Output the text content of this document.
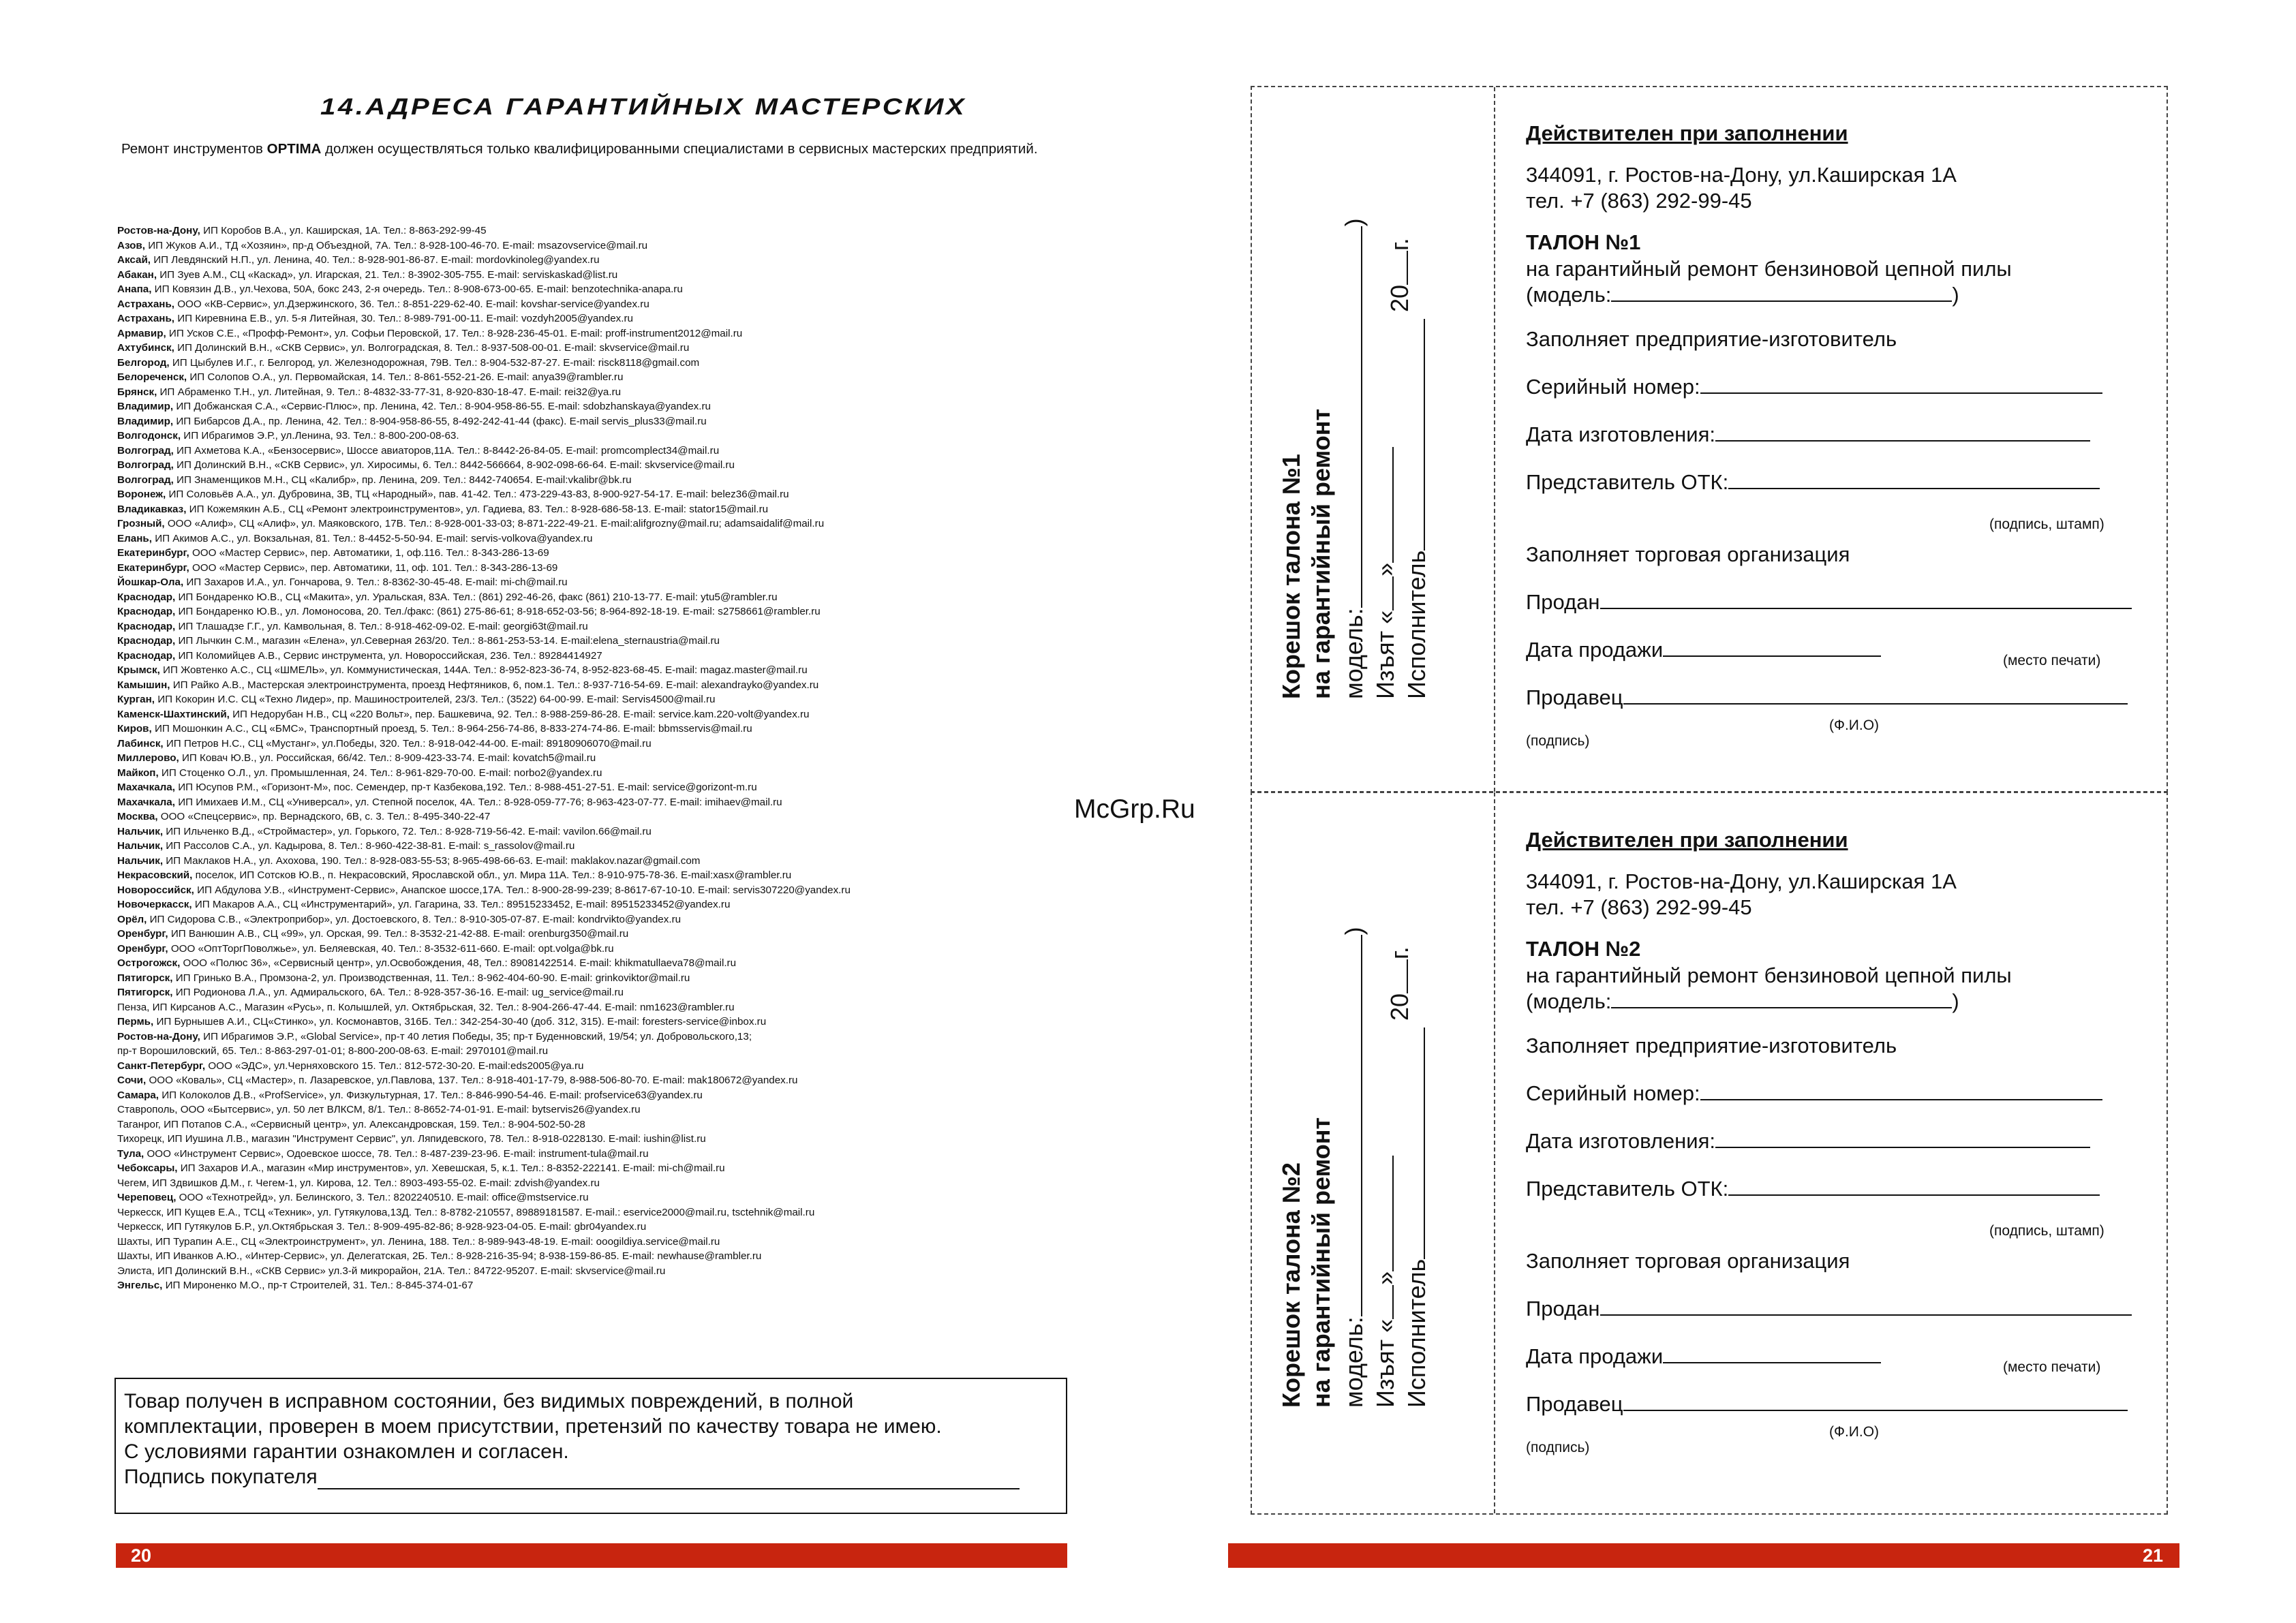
14.АДРЕСА ГАРАНТИЙНЫХ МАСТЕРСКИХ
Ремонт инструментов OPTIMA должен осуществляться только квалифицированными специалистами в сервисных мастерских предприятий.
Ростов-на-Дону, ИП Коробов В.А., ул. Каширская, 1А. Тел.: 8-863-292-99-45
Азов, ИП Жуков А.И., ТД «Хозяин», пр-д Объездной, 7А. Тел.: 8-928-100-46-70. E-mail: msazovservice@mail.ru
Аксай, ИП Левдянский Н.П., ул. Ленина, 40. Тел.: 8-928-901-86-87. E-mail: mordovkinoleg@yandex.ru
Абакан, ИП Зуев А.М., СЦ «Каскад», ул. Игарская, 21. Тел.: 8-3902-305-755. E-mail: serviskaskad@list.ru
Анапа, ИП Ковязин Д.В., ул.Чехова, 50А, бокс 243, 2-я очередь. Тел.: 8-908-673-00-65. E-mail: benzotechnika-anapa.ru
Астрахань, ООО «КВ-Сервис», ул.Дзержинского, 36. Тел.: 8-851-229-62-40. E-mail: kovshar-service@yandex.ru
Астрахань, ИП Киревнина Е.В., ул. 5-я Литейная, 30. Тел.: 8-989-791-00-11. E-mail: vozdyh2005@yandex.ru
Армавир, ИП Усков С.Е., «Профф-Ремонт», ул. Софьи Перовской, 17. Тел.: 8-928-236-45-01. E-mail: proff-instrument2012@mail.ru
Ахтубинск, ИП Долинский В.Н., «СКВ Сервис», ул. Волгоградская, 8. Тел.: 8-937-508-00-01. E-mail: skvservice@mail.ru
Белгород, ИП Цыбулев И.Г., г. Белгород, ул. Железнодорожная, 79В. Тел.: 8-904-532-87-27. E-mail: risck8118@gmail.com
Белореченск, ИП Солопов О.А., ул. Первомайская, 14. Тел.: 8-861-552-21-26. E-mail: anya39@rambler.ru
Брянск, ИП Абраменко Т.Н., ул. Литейная, 9. Тел.: 8-4832-33-77-31, 8-920-830-18-47. E-mail: rei32@ya.ru
Владимир, ИП Добжанская С.А., «Сервис-Плюс», пр. Ленина, 42. Тел.: 8-904-958-86-55. E-mail: sdobzhanskaya@yandex.ru
Владимир, ИП Бибарсов Д.А., пр. Ленина, 42. Тел.: 8-904-958-86-55, 8-492-242-41-44 (факс). E-mail servis_plus33@mail.ru
Волгодонск, ИП Ибрагимов Э.Р., ул.Ленина, 93. Тел.: 8-800-200-08-63.
Волгоград, ИП Ахметова К.А., «Бензосервис», Шоссе авиаторов,11А. Тел.: 8-8442-26-84-05. E-mail: promcomplect34@mail.ru
Волгоград, ИП Долинский В.Н., «СКВ Сервис», ул. Хиросимы, 6. Тел.: 8442-566664, 8-902-098-66-64. E-mail: skvservice@mail.ru
Волгоград, ИП Знаменщиков М.Н., СЦ «Калибр», пр. Ленина, 209. Тел.: 8442-740654. E-mail:vkalibr@bk.ru
Воронеж, ИП Соловьёв А.А., ул. Дубровина, 3В, ТЦ «Народный», пав. 41-42. Тел.: 473-229-43-83, 8-900-927-54-17. E-mail: belez36@mail.ru
Владикавказ, ИП Кожемякин А.Б., СЦ «Ремонт электроинструментов», ул. Гадиева, 83. Тел.: 8-928-686-58-13. E-mail: stator15@mail.ru
Грозный, ООО «Алиф», СЦ «Алиф», ул. Маяковского, 17В. Тел.: 8-928-001-33-03; 8-871-222-49-21. E-mail:alifgrozny@mail.ru; adamsaidalif@mail.ru
Елань, ИП Акимов А.С., ул. Вокзальная, 81. Тел.: 8-4452-5-50-94. E-mail: servis-volkova@yandex.ru
Екатеринбург, ООО «Мастер Сервис», пер. Автоматики, 1, оф.116. Тел.: 8-343-286-13-69
Екатеринбург, ООО «Мастер Сервис», пер. Автоматики, 11, оф. 101. Тел.: 8-343-286-13-69
Йошкар-Ола, ИП Захаров И.А., ул. Гончарова, 9. Тел.: 8-8362-30-45-48. E-mail: mi-ch@mail.ru
Краснодар, ИП Бондаренко Ю.В., СЦ «Макита», ул. Уральская, 83А. Тел.: (861) 292-46-26, факс (861) 210-13-77. E-mail: ytu5@rambler.ru
Краснодар, ИП Бондаренко Ю.В., ул. Ломоносова, 20. Тел./факс: (861) 275-86-61; 8-918-652-03-56; 8-964-892-18-19. E-mail: s2758661@rambler.ru
Краснодар, ИП Тлашадзе Г.Г., ул. Камвольная, 8. Тел.: 8-918-462-09-02. E-mail: georgi63t@mail.ru
Краснодар, ИП Лычкин С.М., магазин «Елена», ул.Северная 263/20. Тел.: 8-861-253-53-14. E-mail:elena_sternaustria@mail.ru
Краснодар, ИП Коломийцев А.В., Сервис инструмента, ул. Новороссийская, 236. Тел.: 89284414927
Крымск, ИП Жовтенко А.С., СЦ «ШМЕЛЬ», ул. Коммунистическая, 144А. Тел.: 8-952-823-36-74, 8-952-823-68-45. E-mail: magaz.master@mail.ru
Камышин, ИП Райко А.В., Мастерская электроинструмента, проезд Нефтяников, 6, пом.1. Тел.: 8-937-716-54-69. E-mail: alexandrayko@yandex.ru
Курган, ИП Кокорин И.С. СЦ «Техно Лидер», пр. Машиностроителей, 23/3. Тел.: (3522) 64-00-99. E-mail: Servis4500@mail.ru
Каменск-Шахтинский, ИП Недорубан Н.В., СЦ «220 Вольт», пер. Башкевича, 92. Тел.: 8-988-259-86-28. E-mail: service.kam.220-volt@yandex.ru
Киров, ИП Мошонкин А.С., СЦ «БМС», Транспортный проезд, 5. Тел.: 8-964-256-74-86, 8-833-274-74-86. E-mail: bbmsservis@mail.ru
Лабинск, ИП Петров Н.С., СЦ «Мустанг», ул.Победы, 320. Тел.: 8-918-042-44-00. E-mail: 89180906070@mail.ru
Миллерово, ИП Ковач Ю.В., ул. Российская, 66/42. Тел.: 8-909-423-33-74. E-mail: kovatch5@mail.ru
Майкоп, ИП Стоценко О.Л., ул. Промышленная, 24. Тел.: 8-961-829-70-00. E-mail: norbo2@yandex.ru
Махачкала, ИП Юсупов Р.М., «Горизонт-М», пос. Семендер, пр-т Казбекова,192. Тел.: 8-988-451-27-51. E-mail: service@gorizont-m.ru
Махачкала, ИП Имихаев И.М., СЦ «Универсал», ул. Степной поселок, 4А. Тел.: 8-928-059-77-76; 8-963-423-07-77. E-mail: imihaev@mail.ru
Москва, ООО «Спецсервис», пр. Вернадского, 6В, с. 3. Тел.: 8-495-340-22-47
Нальчик, ИП Ильченко В.Д., «Строймастер», ул. Горького, 72. Тел.: 8-928-719-56-42. E-mail: vavilon.66@mail.ru
Нальчик, ИП Рассолов С.А., ул. Кадырова, 8. Тел.: 8-960-422-38-81. E-mail: s_rassolov@mail.ru
Нальчик, ИП Маклаков Н.А., ул. Ахохова, 190. Тел.: 8-928-083-55-53; 8-965-498-66-63. E-mail: maklakov.nazar@gmail.com
Некрасовский, поселок, ИП Сотсков Ю.В., п. Некрасовский, Ярославской обл., ул. Мира 11А. Тел.: 8-910-975-78-36. E-mail:xasx@rambler.ru
Новороссийск, ИП Абдулова У.В., «Инструмент-Сервис», Анапское шоссе,17А. Тел.: 8-900-28-99-239; 8-8617-67-10-10. E-mail: servis307220@yandex.ru
Новочеркасск, ИП Макаров А.А., СЦ «Инструментарий», ул. Гагарина, 33. Тел.: 89515233452, E-mail: 89515233452@yandex.ru
Орёл, ИП Сидорова С.В., «Электроприбор», ул. Достоевского, 8. Тел.: 8-910-305-07-87. E-mail: kondrvikto@yandex.ru
Оренбург, ИП Ванюшин А.В., СЦ «99», ул. Орская, 99. Тел.: 8-3532-21-42-88. E-mail: orenburg350@mail.ru
Оренбург, ООО «ОптТоргПоволжье», ул. Беляевская, 40. Тел.: 8-3532-611-660. E-mail: opt.volga@bk.ru
Острогожск, ООО «Полюс 36», «Сервисный центр», ул.Освобождения, 48, Тел.: 89081422514. E-mail: khikmatullaeva78@mail.ru
Пятигорск, ИП Гринько В.А., Промзона-2, ул. Производственная, 11. Тел.: 8-962-404-60-90. E-mail: grinkoviktor@mail.ru
Пятигорск, ИП Родионова Л.А., ул. Адмиральского, 6А. Тел.: 8-928-357-36-16. E-mail: ug_service@mail.ru
Пенза, ИП Кирсанов А.С., Магазин «Русь», п. Колышлей, ул. Октябрьская, 32. Тел.: 8-904-266-47-44. E-mail: nm1623@rambler.ru
Пермь, ИП Бурнышев А.И., СЦ«Стинко», ул. Космонавтов, 316Б. Тел.: 342-254-30-40 (доб. 312, 315). E-mail: foresters-service@inbox.ru
Ростов-на-Дону, ИП Ибрагимов Э.Р., «Global Service», пр-т 40 летия Победы, 35; пр-т Буденновский, 19/54; ул. Добровольского,13;
пр-т Ворошиловский, 65. Тел.: 8-863-297-01-01; 8-800-200-08-63. E-mail: 2970101@mail.ru
Санкт-Петербург, ООО «ЭДС», ул.Черняховского 15. Тел.: 812-572-30-20. E-mail:eds2005@ya.ru
Сочи, ООО «Коваль», СЦ «Мастер», п. Лазаревское, ул.Павлова, 137. Тел.: 8-918-401-17-79, 8-988-506-80-70. E-mail: mak180672@yandex.ru
Самара, ИП Колоколов Д.В., «ProfService», ул. Физкультурная, 17. Тел.: 8-846-990-54-46. E-mail: profservice63@yandex.ru
Ставрополь, ООО «Бытсервис», ул. 50 лет ВЛКСМ, 8/1. Тел.: 8-8652-74-01-91. E-mail: bytservis26@yandex.ru
Таганрог, ИП Потапов С.А., «Сервисный центр», ул. Александровская, 159. Тел.: 8-904-502-50-28
Тихорецк, ИП Иушина Л.В., магазин "Инструмент Сервис", ул. Ляпидевского, 78. Тел.: 8-918-0228130. E-mail: iushin@list.ru
Тула, ООО «Инструмент Сервис», Одоевское шоссе, 78. Тел.: 8-487-239-23-96. E-mail: instrument-tula@mail.ru
Чебоксары, ИП Захаров И.А., магазин «Мир инструментов», ул. Хевешская, 5, к.1. Тел.: 8-8352-222141. E-mail: mi-ch@mail.ru
Чегем, ИП Здвишков Д.М., г. Чегем-1, ул. Кирова, 12. Тел.: 8903-493-55-02. E-mail: zdvish@yandex.ru
Череповец, ООО «Технотрейд», ул. Белинского, 3. Тел.: 8202240510. E-mail: office@mstservice.ru
Черкесск, ИП Кущев Е.А., ТСЦ «Техник», ул. Гутякулова,13Д. Тел.: 8-8782-210557, 89889181587. E-mail.: eservice2000@mail.ru, tsctehnik@mail.ru
Черкесск, ИП Гутякулов Б.Р., ул.Октябрьская 3. Тел.: 8-909-495-82-86; 8-928-923-04-05. E-mail: gbr04yandex.ru
Шахты, ИП Турапин А.Е., СЦ «Электроинструмент», ул. Ленина, 188. Тел.: 8-989-943-48-19. E-mail: ooogildiya.service@mail.ru
Шахты, ИП Иванков А.Ю., «Интер-Сервис», ул. Делегатская, 2Б. Тел.: 8-928-216-35-94; 8-938-159-86-85. E-mail: newhause@rambler.ru
Элиста, ИП Долинский В.Н., «СКВ Сервис» ул.3-й микрорайон, 21А. Тел.: 84722-95207. E-mail: skvservice@mail.ru
Энгельс, ИП Мироненко М.О., пр-т Строителей, 31. Тел.: 8-845-374-01-67
Товар получен в исправном состоянии, без видимых повреждений, в полной
комплектации, проверен в моем присутствии, претензий по качеству товара не имею.
С условиями гарантии ознакомлен и согласен.
Подпись покупателя
20
McGrp.Ru
21
Корешок талона №1 на гарантийный ремонт модель:)
Изъят «» Исполнитель
20г.
Действителен при заполнении
344091, г. Ростов-на-Дону, ул.Каширская 1А
тел. +7 (863) 292-99-45
ТАЛОН №1
на гарантийный ремонт бензиновой цепной пилы
(модель:	)
Заполняет предприятие-изготовитель
Серийный номер:
Дата изготовления:
Представитель ОТК:
(подпись, штамп)
Заполняет торговая организация
Продан
Дата продажи	(место печати)
Продавец
(Ф.И.О)
(подпись)
Корешок талона №2 на гарантийный ремонт модель:)
Изъят «» Исполнитель
20г.
Действителен при заполнении
344091, г. Ростов-на-Дону, ул.Каширская 1А
тел. +7 (863) 292-99-45
ТАЛОН №2
на гарантийный ремонт бензиновой цепной пилы
(модель:	)
Заполняет предприятие-изготовитель
Серийный номер:
Дата изготовления:
Представитель ОТК:
(подпись, штамп)
Заполняет торговая организация
Продан
Дата продажи	(место печати)
Продавец
(Ф.И.О)
(подпись)
